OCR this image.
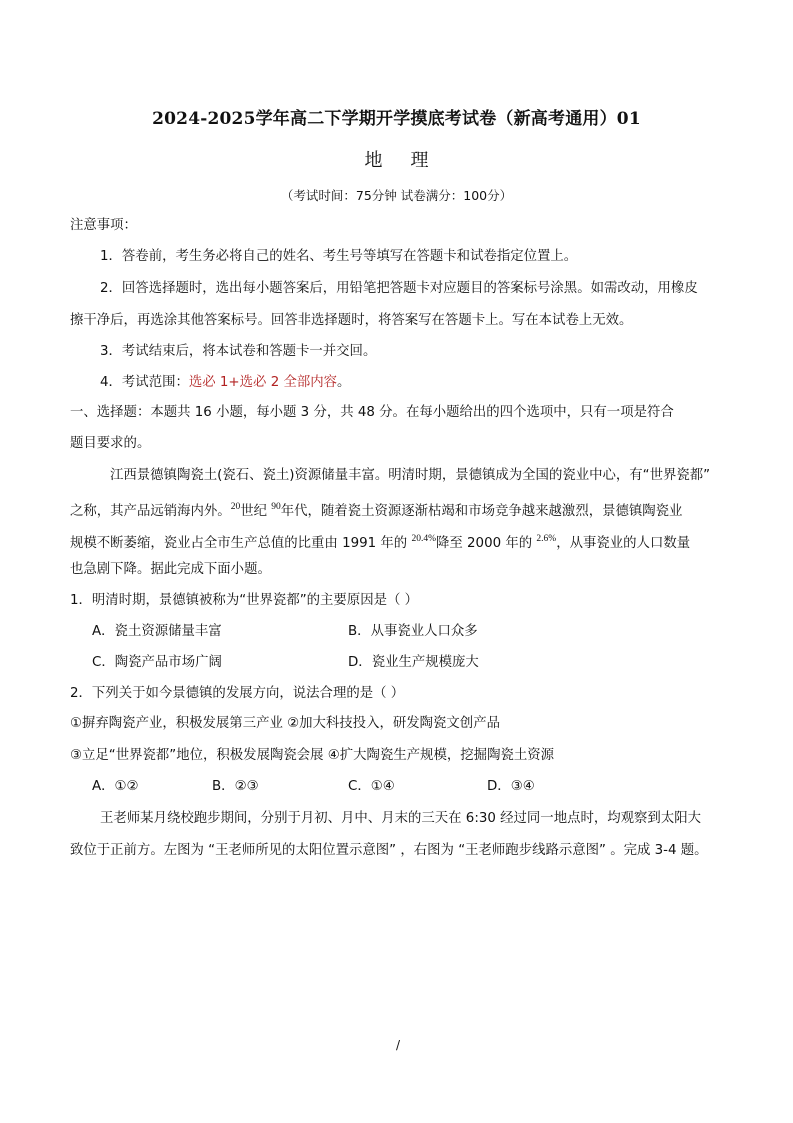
2024-2025学年高二下学期开学摸底考试卷（新高考通用）01
地 理
（考试时间：75分钟 试卷满分：100分）
注意事项：
1．答卷前，考生务必将自己的姓名、考生号等填写在答题卡和试卷指定位置上。
2．回答选择题时，选出每小题答案后，用铅笔把答题卡对应题目的答案标号涂黑。如需改动，用橡皮
擦干净后，再选涂其他答案标号。回答非选择题时，将答案写在答题卡上。写在本试卷上无效。
3．考试结束后，将本试卷和答题卡一并交回。
4．考试范围：选必 1+选必 2 全部内容。
一、选择题：本题共 16 小题，每小题 3 分，共 48 分。在每小题给出的四个选项中，只有一项是符合
题目要求的。
江西景德镇陶瓷土(瓷石、瓷土)资源储量丰富。明清时期，景德镇成为全国的瓷业中心，有“世界瓷都”
之称，其产品远销海内外。$^{20}$世纪 $^{90}$年代，随着瓷土资源逐渐枯竭和市场竞争越来越激烈，景德镇陶瓷业
规模不断萎缩，瓷业占全市生产总值的比重由 1991 年的 $^{20.4\%}$降至 2000 年的 $^{2.6\%}$，从事瓷业的人口数量
也急剧下降。据此完成下面小题。
1．明清时期，景德镇被称为“世界瓷都”的主要原因是（ ）
A．瓷土资源储量丰富	B．从事瓷业人口众多
C．陶瓷产品市场广阔	D．瓷业生产规模庞大
2．下列关于如今景德镇的发展方向，说法合理的是（ ）
①摒弃陶瓷产业，积极发展第三产业 ②加大科技投入，研发陶瓷文创产品
③立足“世界瓷都”地位，积极发展陶瓷会展 ④扩大陶瓷生产规模，挖掘陶瓷土资源
A．①②	B．②③	C．①④	D．③④
王老师某月绕校跑步期间，分别于月初、月中、月末的三天在 6:30 经过同一地点时，均观察到太阳大
致位于正前方。左图为 “王老师所见的太阳位置示意图” ，右图为 “王老师跑步线路示意图” 。完成 3-4 题。
/
